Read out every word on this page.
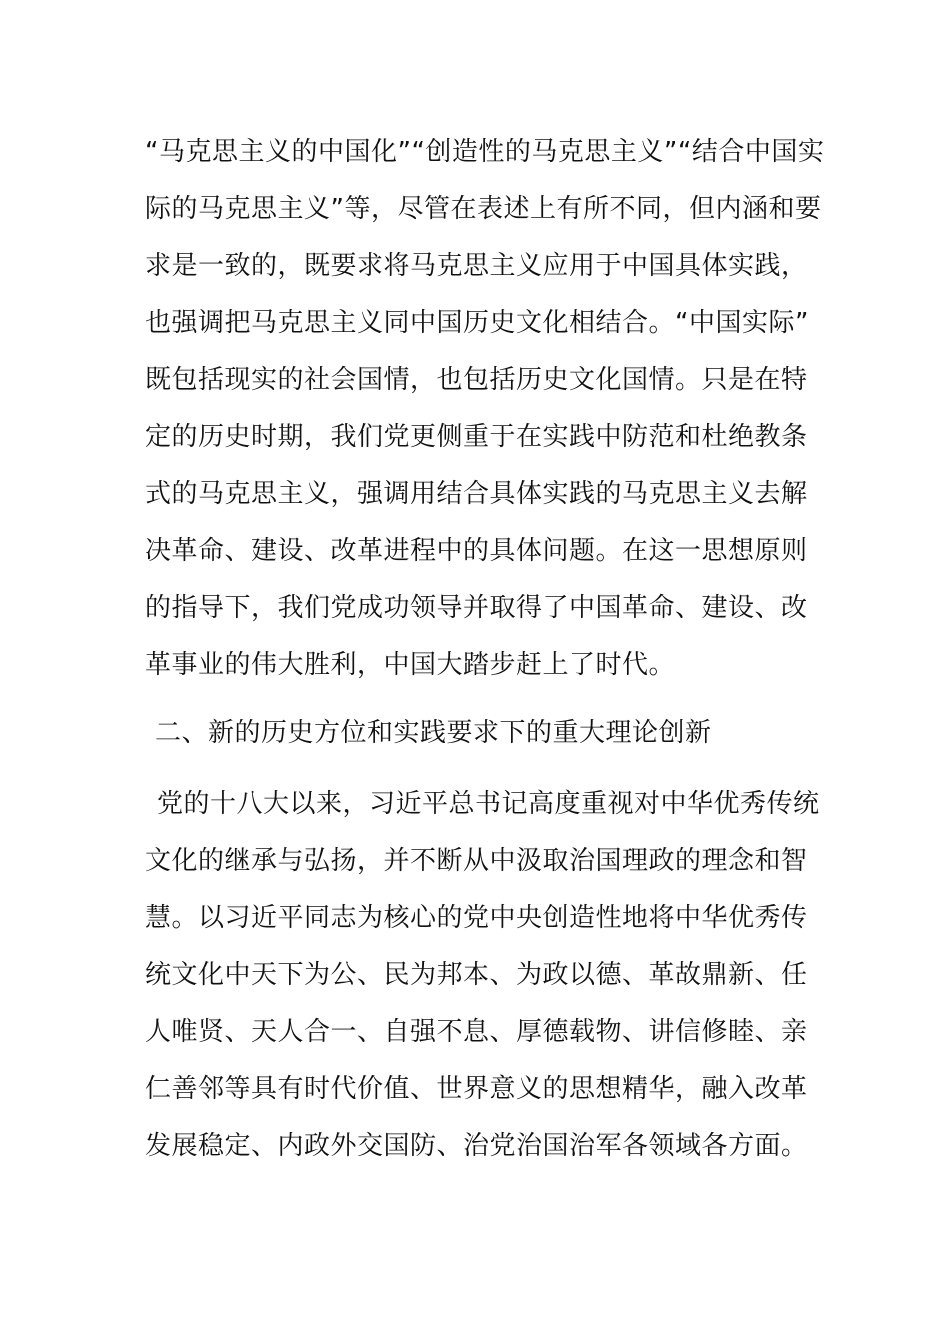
“马克思主义的中国化”“创造性的马克思主义”“结合中国实
际的马克思主义”等，尽管在表述上有所不同，但内涵和要
求是一致的，既要求将马克思主义应用于中国具体实践，
也强调把马克思主义同中国历史文化相结合。“中国实际”
既包括现实的社会国情，也包括历史文化国情。只是在特
定的历史时期，我们党更侧重于在实践中防范和杜绝教条
式的马克思主义，强调用结合具体实践的马克思主义去解
决革命、建设、改革进程中的具体问题。在这一思想原则
的指导下，我们党成功领导并取得了中国革命、建设、改
革事业的伟大胜利，中国大踏步赶上了时代。
二、新的历史方位和实践要求下的重大理论创新
党的十八大以来，习近平总书记高度重视对中华优秀传统
文化的继承与弘扬，并不断从中汲取治国理政的理念和智
慧。以习近平同志为核心的党中央创造性地将中华优秀传
统文化中天下为公、民为邦本、为政以德、革故鼎新、任
人唯贤、天人合一、自强不息、厚德载物、讲信修睦、亲
仁善邻等具有时代价值、世界意义的思想精华，融入改革
发展稳定、内政外交国防、治党治国治军各领域各方面。
